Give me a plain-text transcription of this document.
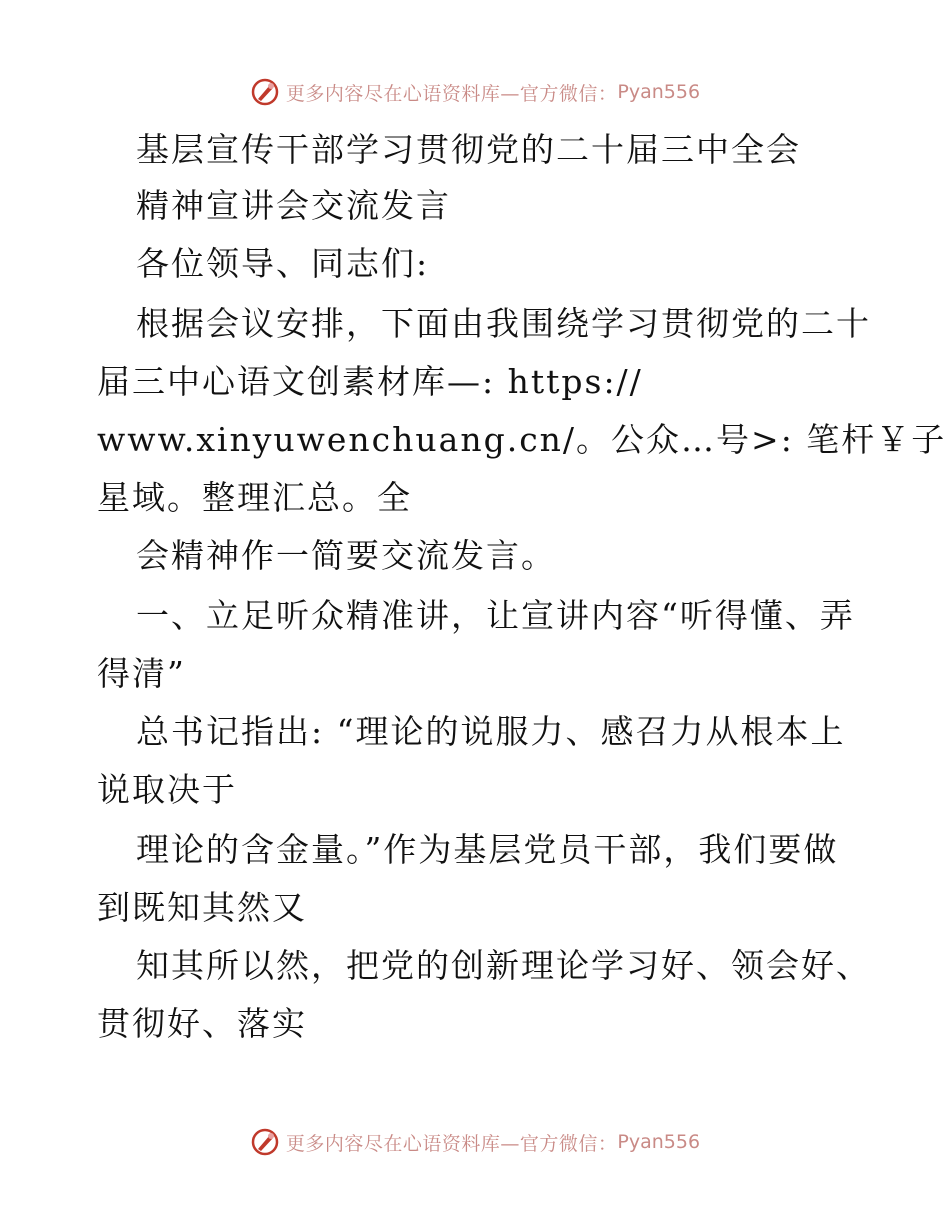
更多内容尽在心语资料库—官方微信： Pyan556
基层宣传干部学习贯彻党的二十届三中全会
精神宣讲会交流发言
各位领导、同志们:
根据会议安排，下面由我围绕学习贯彻党的二十
届三中心语文创素材库—: https://
www.xinyuwenchuang.cn/。公众…号>: 笔杆￥子
星域。整理汇总。全
会精神作一简要交流发言。
一、立足听众精准讲，让宣讲内容“听得懂、弄
得清”
总书记指出: “理论的说服力、感召力从根本上
说取决于
理论的含金量。”作为基层党员干部，我们要做
到既知其然又
知其所以然，把党的创新理论学习好、领会好、
贯彻好、落实
更多内容尽在心语资料库—官方微信： Pyan556
